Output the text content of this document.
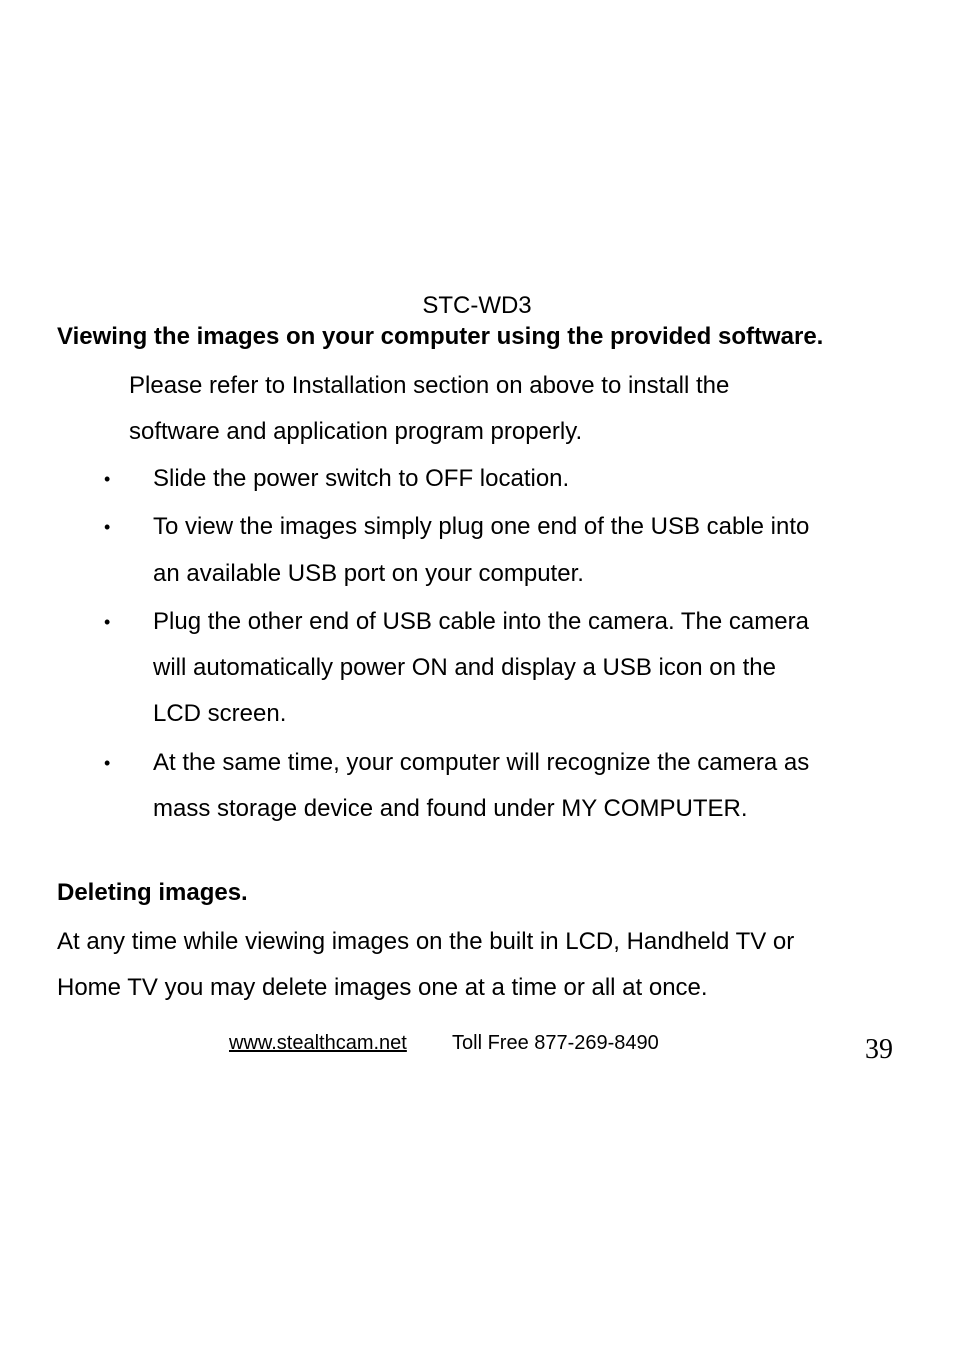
STC-WD3
Viewing the images on your computer using the provided software.
Please refer to Installation section on above to install the
software and application program properly.
• Slide the power switch to OFF location.
• To view the images simply plug one end of the USB cable into
an available USB port on your computer.
• Plug the other end of USB cable into the camera. The camera
will automatically power ON and display a USB icon on the
LCD screen.
• At the same time, your computer will recognize the camera as
mass storage device and found under MY COMPUTER.
Deleting images.
At any time while viewing images on the built in LCD, Handheld TV or
Home TV you may delete images one at a time or all at once.
www.stealthcam.net Toll Free 877-269-8490	39
